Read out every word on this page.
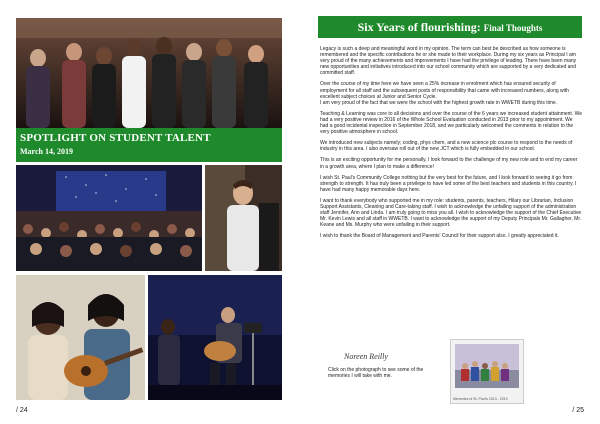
SPOTLIGHT ON STUDENT TALENT
March 14, 2019
/ 24
Six Years of flourishing: Final Thoughts

Legacy is such a deep and meaningful word in my opinion. The term can best be described as how someone is remembered and the specific contributions he or she made to their workplace. During my six years as Principal I am very proud of the many achievements and improvements I have had the privilege of leading. There have been many new opportunities and initiatives introduced into our school community which are supported by a very dedicated and committed staff.

Over the course of my time here we have seen a 25% increase in enrolment which has ensured security of employment for all staff and the subsequent posts of responsibility that came with increased numbers, along with excellent subject choices at Junior and Senior Cycle.
I am very proud of the fact that we were the school with the highest growth rate in WWETB during this time.

Teaching & Learning was core to all decisions and over the course of the 6 years we increased student attainment. We had a very positive review in 2016 of the Whole School Evaluation conducted in 2013 prior to my appointment. We had a good incidental inspection in September 2018, and we particularly welcomed the comments in relation to the very positive atmosphere in school.

We introduced new subjects namely; coding, phys chem, and a new science plc course to respond to the needs of industry in this area. I also oversaw roll out of the new JCT which is fully embedded in our school.

This is an exciting opportunity for me personally, I look forward to the challenge of my new role and to end my career in a growth area, where I plan to make a difference!

I wish St. Paul's Community College nothing but the very best for the future, and I look forward to seeing it go from strength to strength. It has truly been a privilege to have led some of the best teachers and students in this country. I have had many happy memorable days here.

I want to thank everybody who supported me in my role: students, parents, teachers, Hilary our Librarian, Inclusion Support Assistants, Cleaning and Care-taking staff. I wish to acknowledge the unfailing support of the administration staff Jennifer, Ann and Linda. I am truly going to miss you all. I wish to acknowledge the support of the Chief Executive Mr. Kevin Lewis and all staff in WWETB. I want to acknowledge the support of my Deputy Principals Mr. Gallagher, Mr. Keane and Ms. Murphy who were unfailing in their support.

I wish to thank the Board of Management and Parents' Council for their support also. I greatly appreciated it.

Noreen Reilly
Click on the photograph to see some of the memories I will take with me.
Memories of St. Paul's 2013 - 2019
/ 25
